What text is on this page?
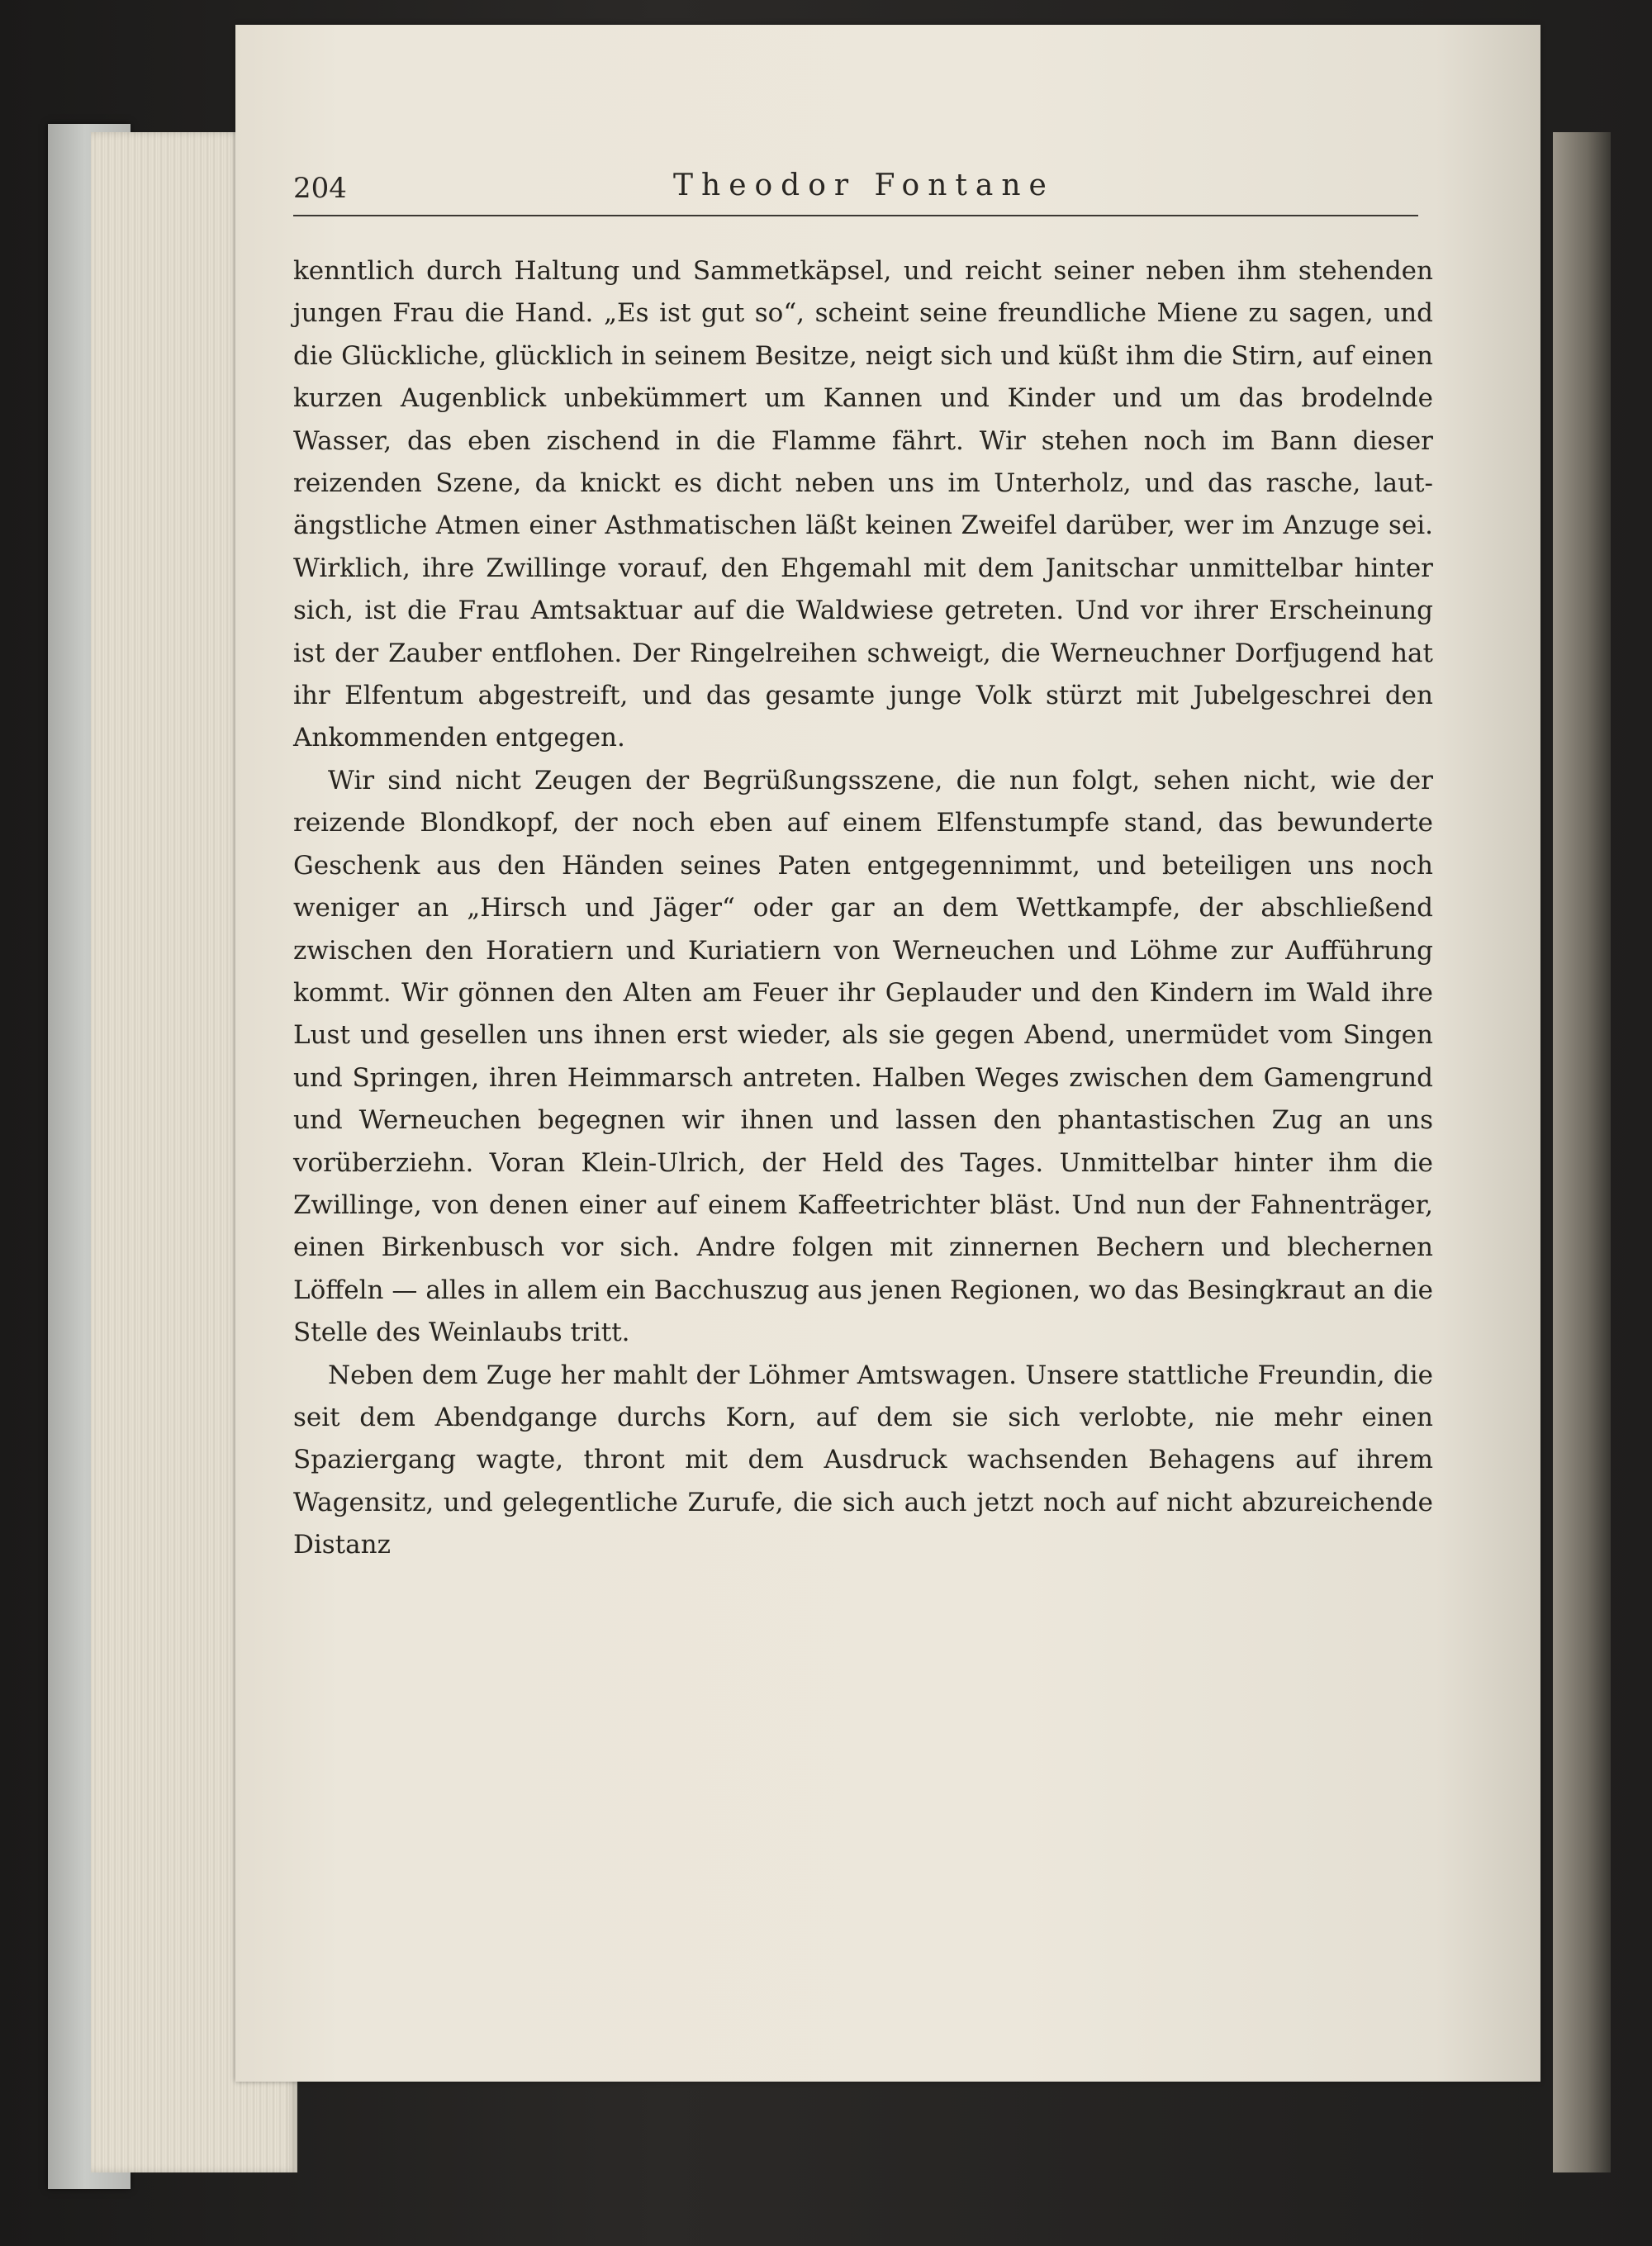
204	Theodor Fontane

kenntlich durch Haltung und Sammetkäpsel, und reicht seiner neben ihm stehenden jungen Frau die Hand. „Es ist gut so“, scheint seine freundliche Miene zu sagen, und die Glückliche, glücklich in seinem Besitze, neigt sich und küßt ihm die Stirn, auf einen kurzen Augenblick unbekümmert um Kannen und Kinder und um das brodelnde Wasser, das eben zischend in die Flamme fährt. Wir stehen noch im Bann dieser reizenden Szene, da knickt es dicht neben uns im Unterholz, und das rasche, laut-ängstliche Atmen einer Asthmatischen läßt keinen Zweifel darüber, wer im Anzuge sei. Wirklich, ihre Zwillinge vorauf, den Ehgemahl mit dem Janitschar unmittelbar hinter sich, ist die Frau Amtsaktuar auf die Waldwiese getreten. Und vor ihrer Erscheinung ist der Zauber entflohen. Der Ringelreihen schweigt, die Werneuchner Dorfjugend hat ihr Elfentum abgestreift, und das gesamte junge Volk stürzt mit Jubelgeschrei den Ankommenden entgegen.

Wir sind nicht Zeugen der Begrüßungsszene, die nun folgt, sehen nicht, wie der reizende Blondkopf, der noch eben auf einem Elfenstumpfe stand, das bewunderte Geschenk aus den Händen seines Paten entgegennimmt, und beteiligen uns noch weniger an „Hirsch und Jäger“ oder gar an dem Wettkampfe, der abschließend zwischen den Horatiern und Kuriatiern von Werneuchen und Löhme zur Aufführung kommt. Wir gönnen den Alten am Feuer ihr Geplauder und den Kindern im Wald ihre Lust und gesellen uns ihnen erst wieder, als sie gegen Abend, unermüdet vom Singen und Springen, ihren Heimmarsch antreten. Halben Weges zwischen dem Gamengrund und Werneuchen begegnen wir ihnen und lassen den phantastischen Zug an uns vorüberziehn. Voran Klein-Ulrich, der Held des Tages. Unmittelbar hinter ihm die Zwillinge, von denen einer auf einem Kaffeetrichter bläst. Und nun der Fahnenträger, einen Birkenbusch vor sich. Andre folgen mit zinnernen Bechern und blechernen Löffeln — alles in allem ein Bacchuszug aus jenen Regionen, wo das Besingkraut an die Stelle des Weinlaubs tritt.

Neben dem Zuge her mahlt der Löhmer Amtswagen. Unsere stattliche Freundin, die seit dem Abendgange durchs Korn, auf dem sie sich verlobte, nie mehr einen Spaziergang wagte, thront mit dem Ausdruck wachsenden Behagens auf ihrem Wagensitz, und gelegentliche Zurufe, die sich auch jetzt noch auf nicht abzureichende Distanz
